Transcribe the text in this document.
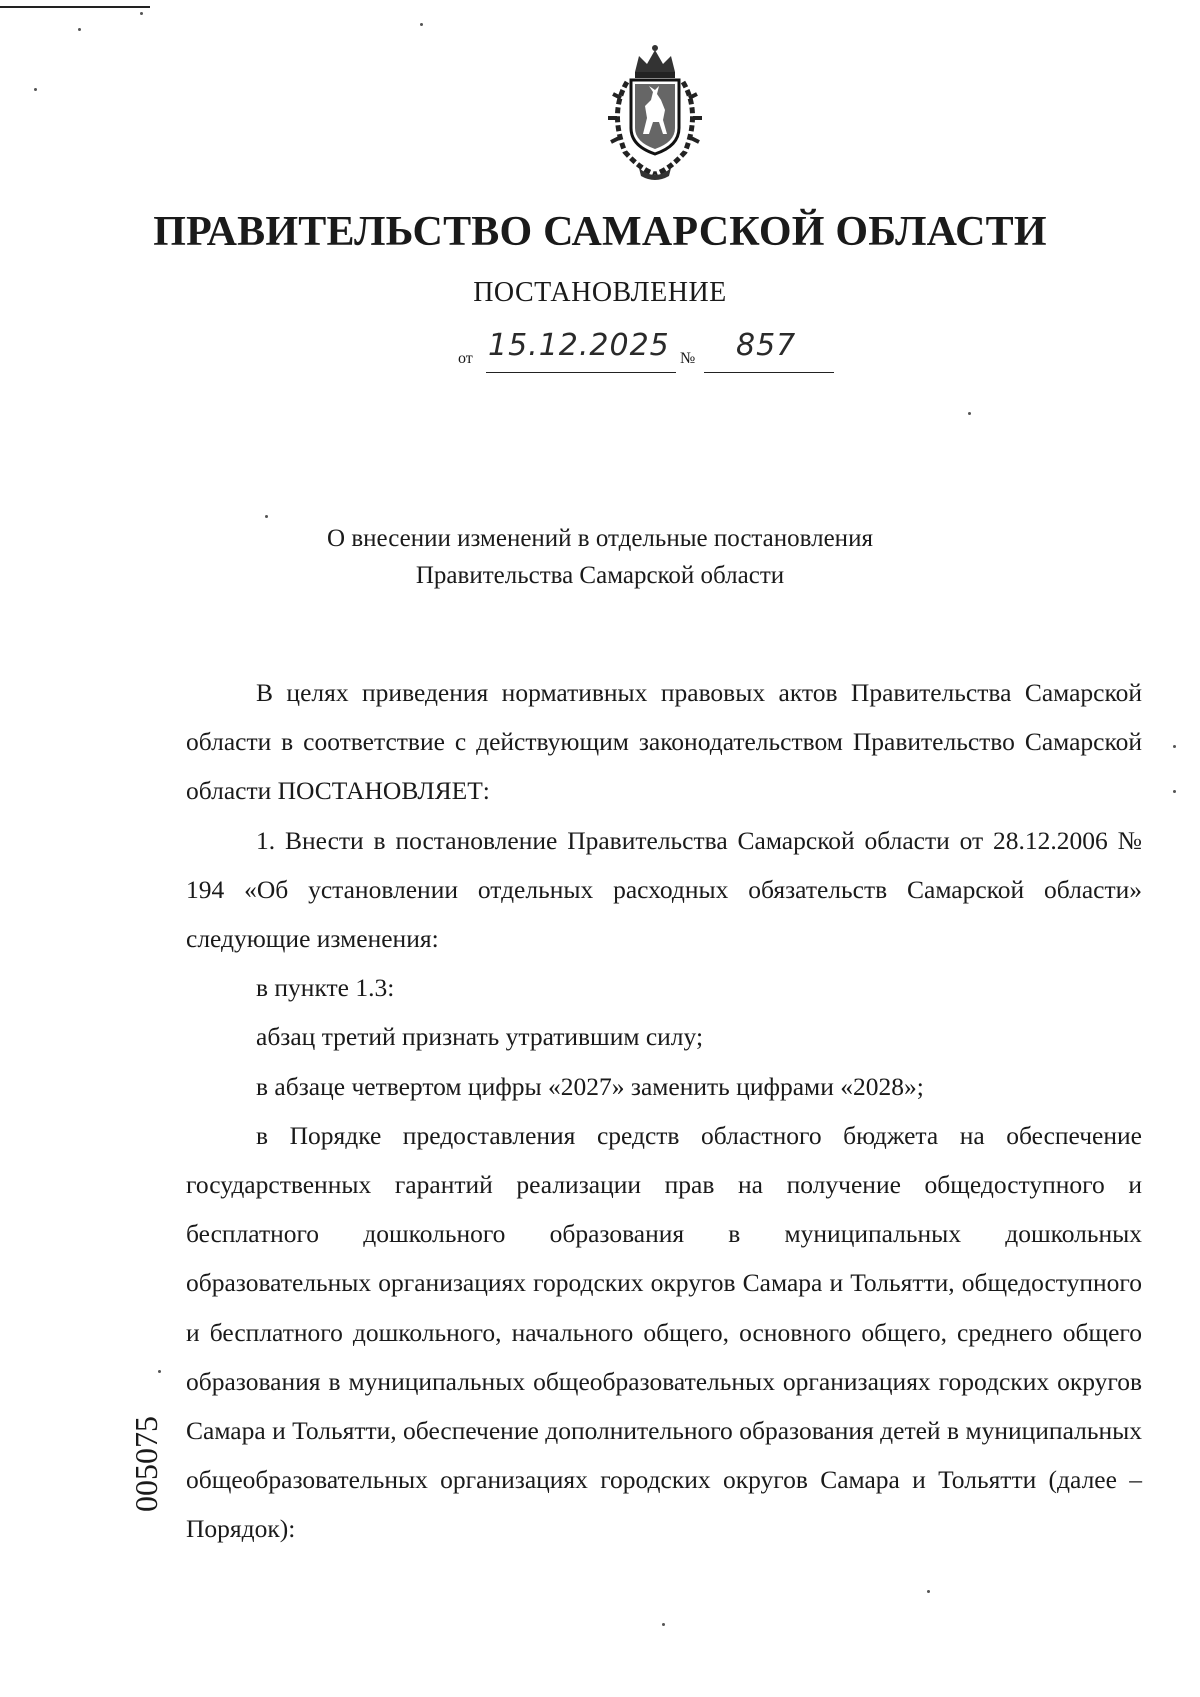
ПРАВИТЕЛЬСТВО САМАРСКОЙ ОБЛАСТИ
ПОСТАНОВЛЕНИЕ
от 15.12.2025 № 857
О внесении изменений в отдельные постановления
Правительства Самарской области

В целях приведения нормативных правовых актов Правительства Самарской области в соответствие с действующим законодательством Правительство Самарской области ПОСТАНОВЛЯЕТ:

1. Внести в постановление Правительства Самарской области от 28.12.2006 № 194 «Об установлении отдельных расходных обязательств Самарской области» следующие изменения:

в пункте 1.3:

абзац третий признать утратившим силу;

в абзаце четвертом цифры «2027» заменить цифрами «2028»;

в Порядке предоставления средств областного бюджета на обеспечение государственных гарантий реализации прав на получение общедоступного и бесплатного дошкольного образования в муниципальных дошкольных образовательных организациях городских округов Самара и Тольятти, общедоступного и бесплатного дошкольного, начального общего, основного общего, среднего общего образования в муниципальных общеобразовательных организациях городских округов Самара и Тольятти, обеспечение дополнительного образования детей в муниципальных общеобразовательных организациях городских округов Самара и Тольятти (далее – Порядок):

005075
